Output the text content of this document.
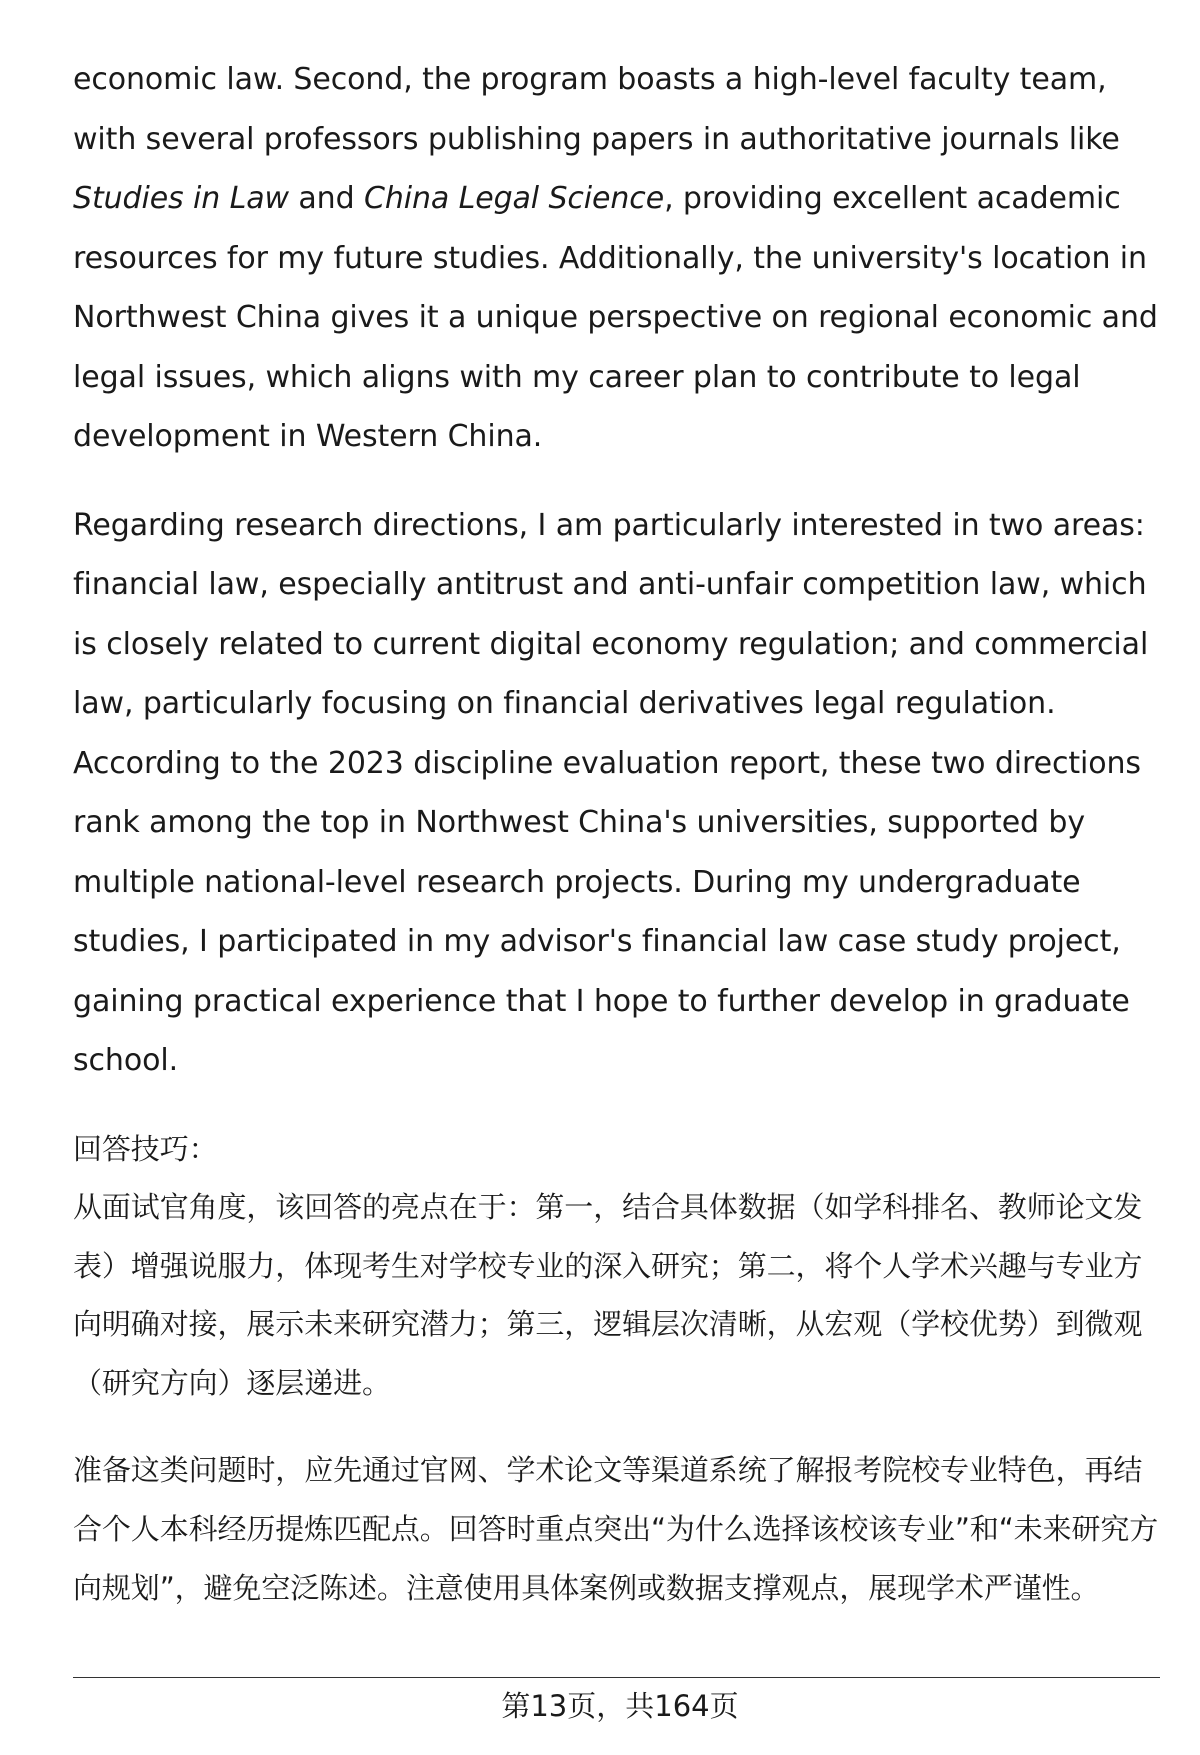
economic law. Second, the program boasts a high-level faculty team, with several professors publishing papers in authoritative journals like Studies in Law and China Legal Science, providing excellent academic resources for my future studies. Additionally, the university's location in Northwest China gives it a unique perspective on regional economic and legal issues, which aligns with my career plan to contribute to legal development in Western China.

Regarding research directions, I am particularly interested in two areas: financial law, especially antitrust and anti-unfair competition law, which is closely related to current digital economy regulation; and commercial law, particularly focusing on financial derivatives legal regulation. According to the 2023 discipline evaluation report, these two directions rank among the top in Northwest China's universities, supported by multiple national-level research projects. During my undergraduate studies, I participated in my advisor's financial law case study project, gaining practical experience that I hope to further develop in graduate school.

回答技巧：

从面试官角度，该回答的亮点在于：第一，结合具体数据（如学科排名、教师论文发表）增强说服力，体现考生对学校专业的深入研究；第二，将个人学术兴趣与专业方向明确对接，展示未来研究潜力；第三，逻辑层次清晰，从宏观（学校优势）到微观（研究方向）逐层递进。

准备这类问题时，应先通过官网、学术论文等渠道系统了解报考院校专业特色，再结合个人本科经历提炼匹配点。回答时重点突出“为什么选择该校该专业”和“未来研究方向规划”，避免空泛陈述。注意使用具体案例或数据支撑观点，展现学术严谨性。

第13页，共164页
